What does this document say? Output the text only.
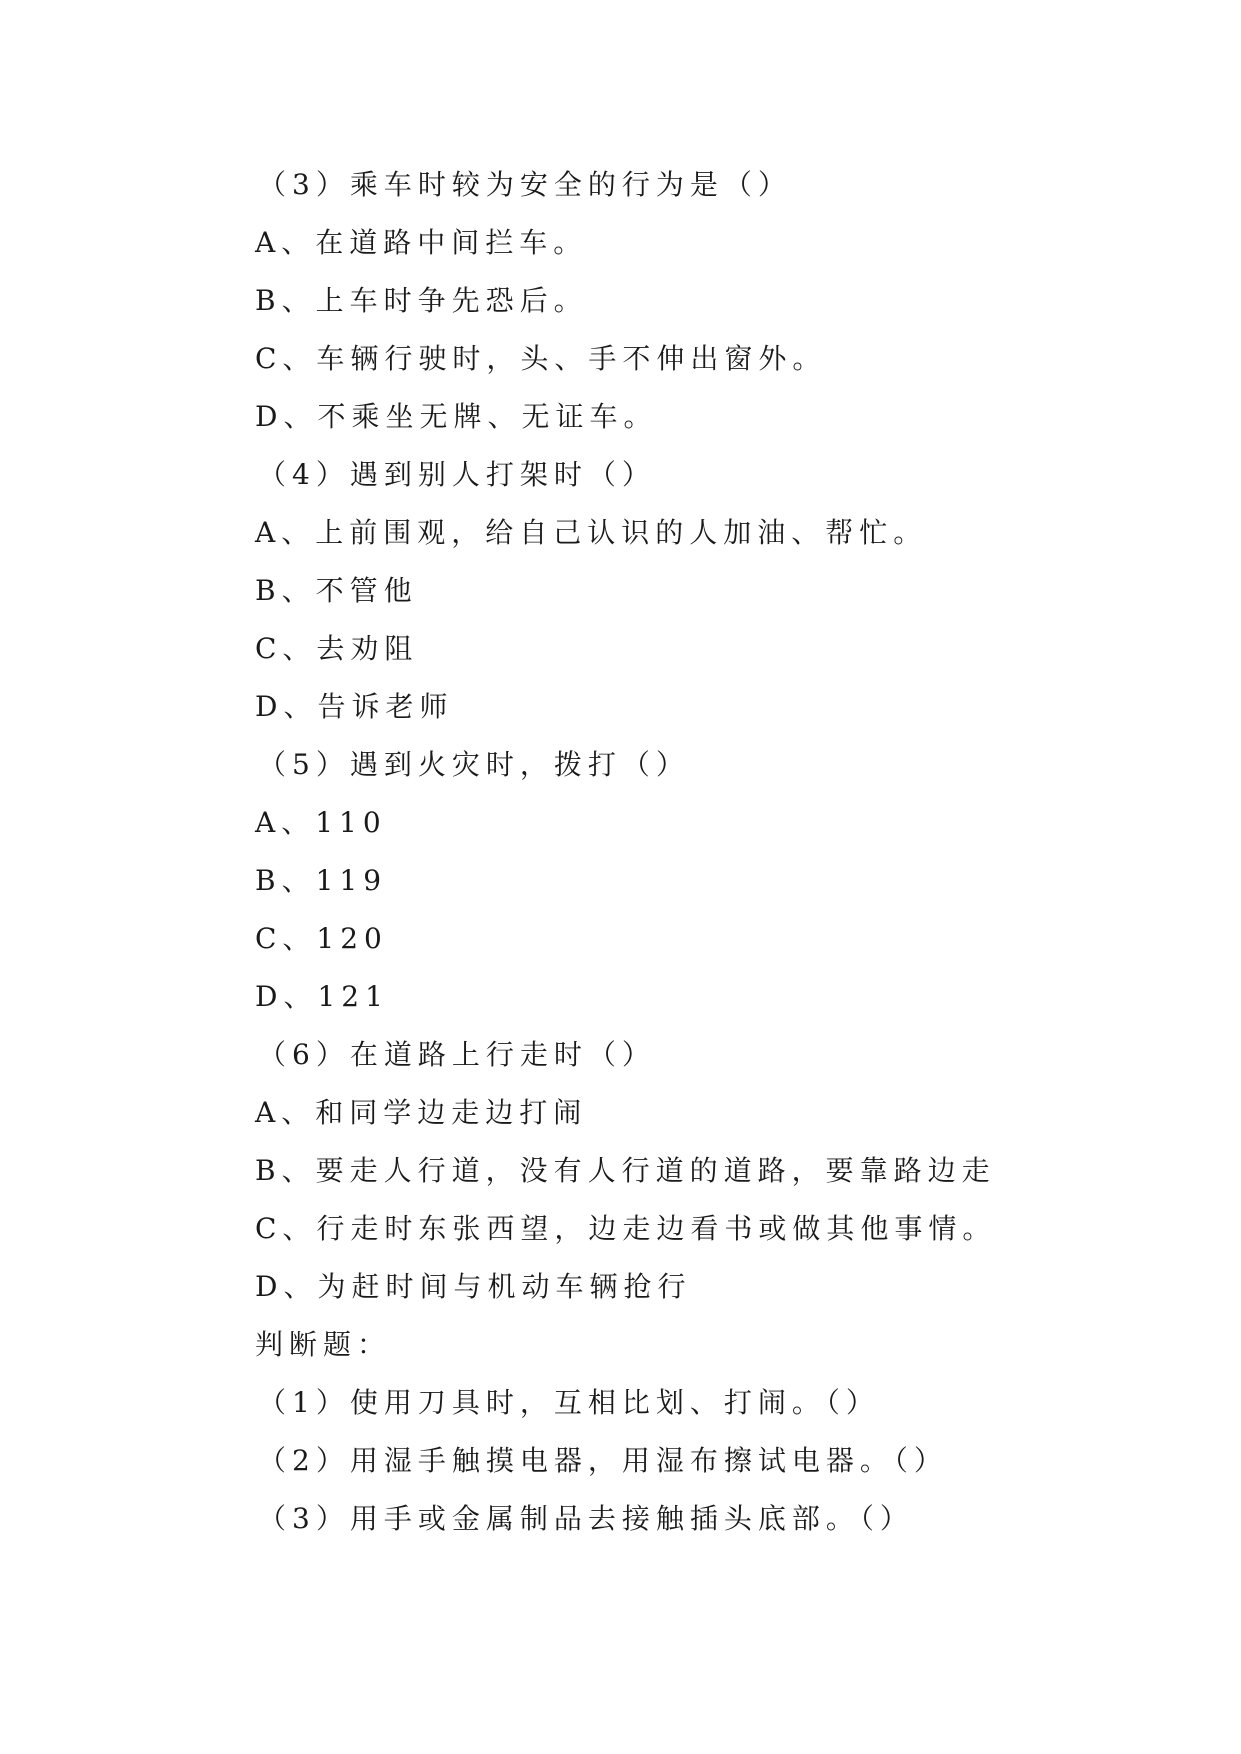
（3）乘车时较为安全的行为是（）
A、在道路中间拦车。
B、上车时争先恐后。
C、车辆行驶时，头、手不伸出窗外。
D、不乘坐无牌、无证车。
（4）遇到别人打架时（）
A、上前围观，给自己认识的人加油、帮忙。
B、不管他
C、去劝阻
D、告诉老师
（5）遇到火灾时，拨打（）
A、110
B、119
C、120
D、121
（6）在道路上行走时（）
A、和同学边走边打闹
B、要走人行道，没有人行道的道路，要靠路边走
C、行走时东张西望，边走边看书或做其他事情。
D、为赶时间与机动车辆抢行
判断题：
（1）使用刀具时，互相比划、打闹。（）
（2）用湿手触摸电器，用湿布擦试电器。（）
（3）用手或金属制品去接触插头底部。（）
